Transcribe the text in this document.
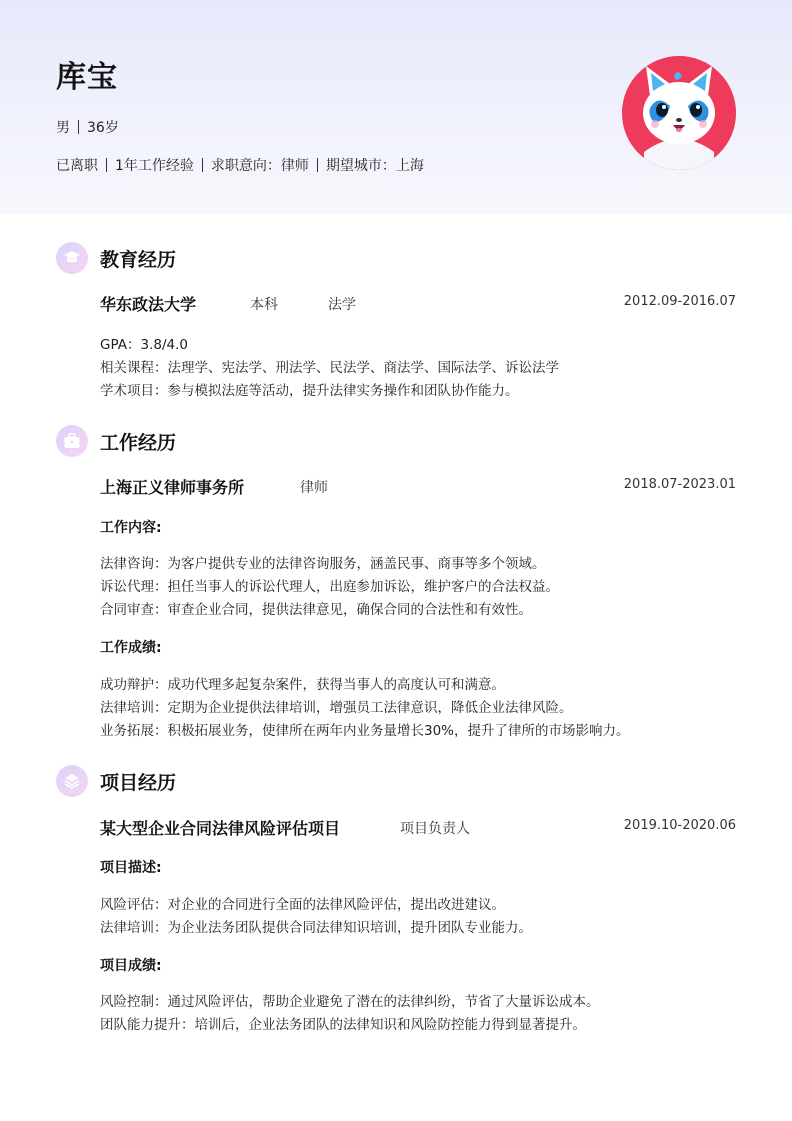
库宝
男 36岁
已离职 1年工作经验 求职意向：律师 期望城市：上海
教育经历
华东政法大学	本科	法学	2012.09-2016.07
GPA：3.8/4.0
相关课程：法理学、宪法学、刑法学、民法学、商法学、国际法学、诉讼法学
学术项目：参与模拟法庭等活动，提升法律实务操作和团队协作能力。
工作经历
上海正义律师事务所	律师	2018.07-2023.01
工作内容:
法律咨询：为客户提供专业的法律咨询服务，涵盖民事、商事等多个领域。
诉讼代理：担任当事人的诉讼代理人，出庭参加诉讼，维护客户的合法权益。
合同审查：审查企业合同，提供法律意见，确保合同的合法性和有效性。
工作成绩:
成功辩护：成功代理多起复杂案件，获得当事人的高度认可和满意。
法律培训：定期为企业提供法律培训，增强员工法律意识，降低企业法律风险。
业务拓展：积极拓展业务，使律所在两年内业务量增长30%，提升了律所的市场影响力。
项目经历
某大型企业合同法律风险评估项目	项目负责人	2019.10-2020.06
项目描述:
风险评估：对企业的合同进行全面的法律风险评估，提出改进建议。
法律培训：为企业法务团队提供合同法律知识培训，提升团队专业能力。
项目成绩:
风险控制：通过风险评估，帮助企业避免了潜在的法律纠纷，节省了大量诉讼成本。
团队能力提升：培训后，企业法务团队的法律知识和风险防控能力得到显著提升。
